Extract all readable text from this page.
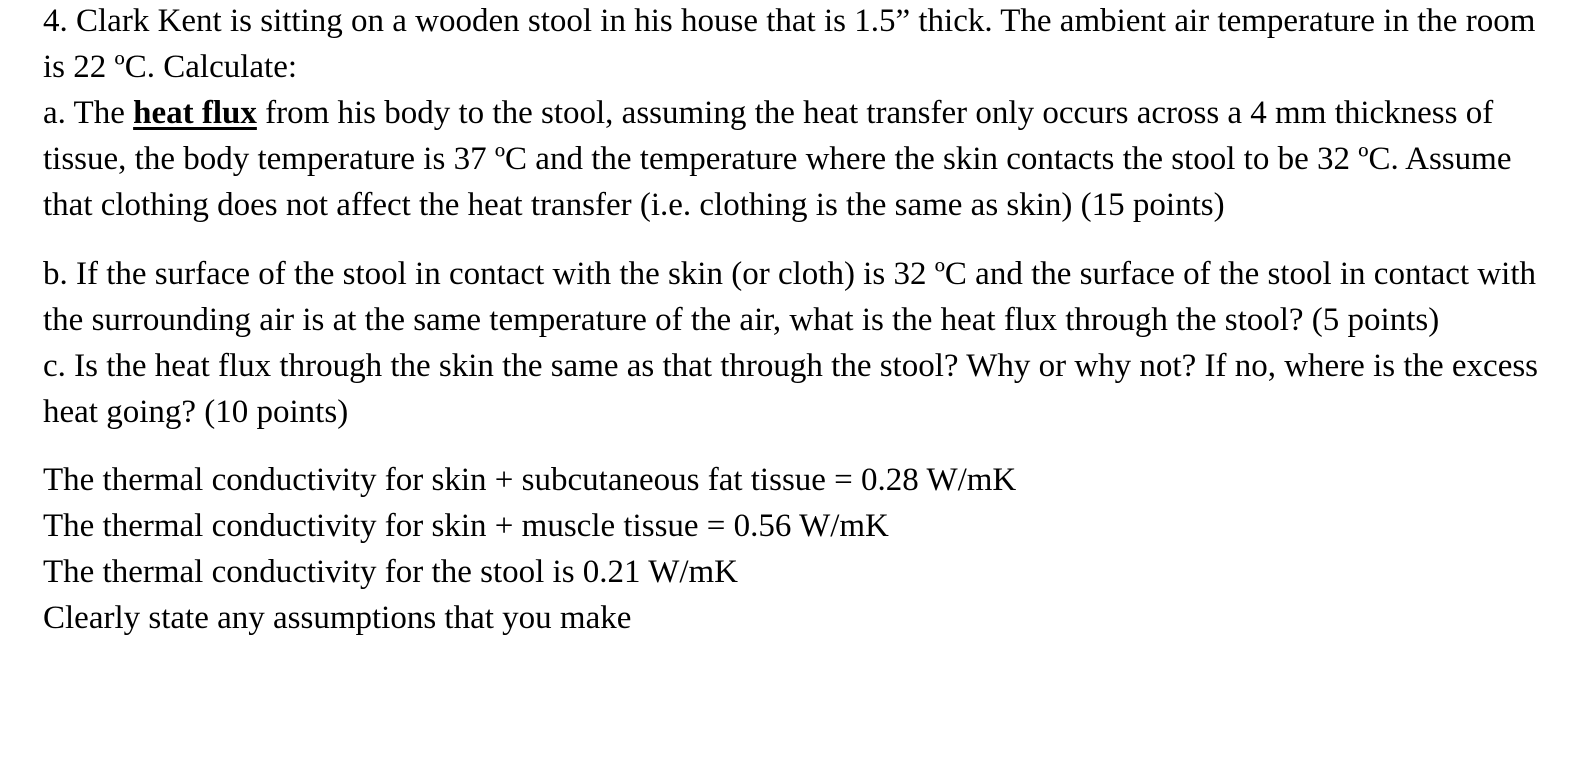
4. Clark Kent is sitting on a wooden stool in his house that is 1.5” thick. The ambient air temperature in the room is 22 ºC. Calculate:

a. The heat flux from his body to the stool, assuming the heat transfer only occurs across a 4 mm thickness of tissue, the body temperature is 37 ºC and the temperature where the skin contacts the stool to be 32 ºC. Assume that clothing does not affect the heat transfer (i.e. clothing is the same as skin) (15 points)

b. If the surface of the stool in contact with the skin (or cloth) is 32 ºC and the surface of the stool in contact with the surrounding air is at the same temperature of the air, what is the heat flux through the stool? (5 points)

c. Is the heat flux through the skin the same as that through the stool? Why or why not? If no, where is the excess heat going? (10 points)

The thermal conductivity for skin + subcutaneous fat tissue = 0.28 W/mK

The thermal conductivity for skin + muscle tissue = 0.56 W/mK

The thermal conductivity for the stool is 0.21 W/mK

Clearly state any assumptions that you make
